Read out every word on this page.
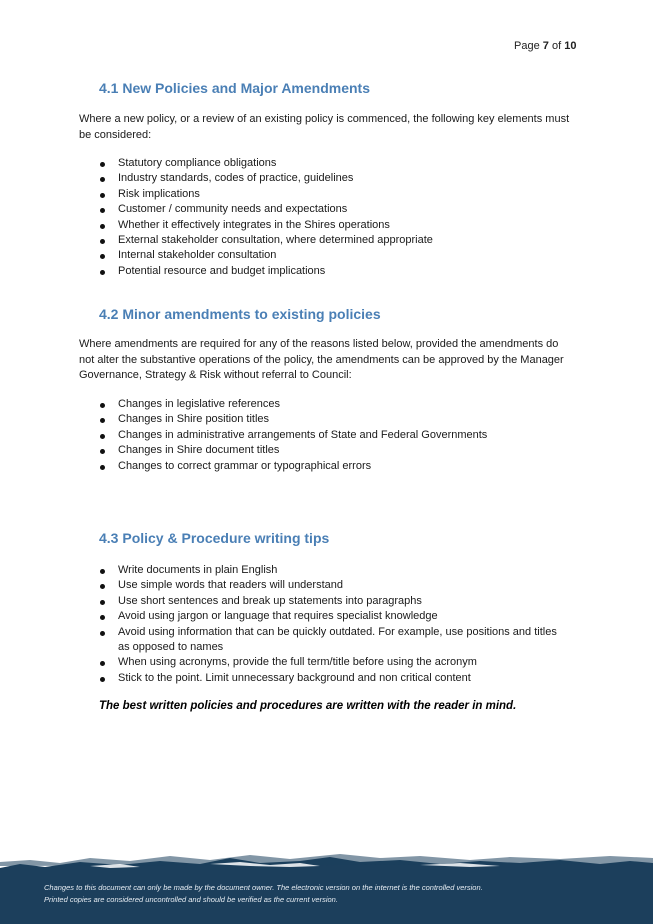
Page 7 of 10
4.1 New Policies and Major Amendments

Where a new policy, or a review of an existing policy is commenced, the following key elements must be considered:

Statutory compliance obligations
Industry standards, codes of practice, guidelines
Risk implications
Customer / community needs and expectations
Whether it effectively integrates in the Shires operations
External stakeholder consultation, where determined appropriate
Internal stakeholder consultation
Potential resource and budget implications
4.2 Minor amendments to existing policies

Where amendments are required for any of the reasons listed below, provided the amendments do not alter the substantive operations of the policy, the amendments can be approved by the Manager Governance, Strategy & Risk without referral to Council:

Changes in legislative references
Changes in Shire position titles
Changes in administrative arrangements of State and Federal Governments
Changes in Shire document titles
Changes to correct grammar or typographical errors
4.3 Policy & Procedure writing tips
Write documents in plain English
Use simple words that readers will understand
Use short sentences and break up statements into paragraphs
Avoid using jargon or language that requires specialist knowledge
Avoid using information that can be quickly outdated. For example, use positions and titles as opposed to names
When using acronyms, provide the full term/title before using the acronym
Stick to the point. Limit unnecessary background and non critical content

The best written policies and procedures are written with the reader in mind.

Changes to this document can only be made by the document owner. The electronic version on the internet is the controlled version.
Printed copies are considered uncontrolled and should be verified as the current version.
